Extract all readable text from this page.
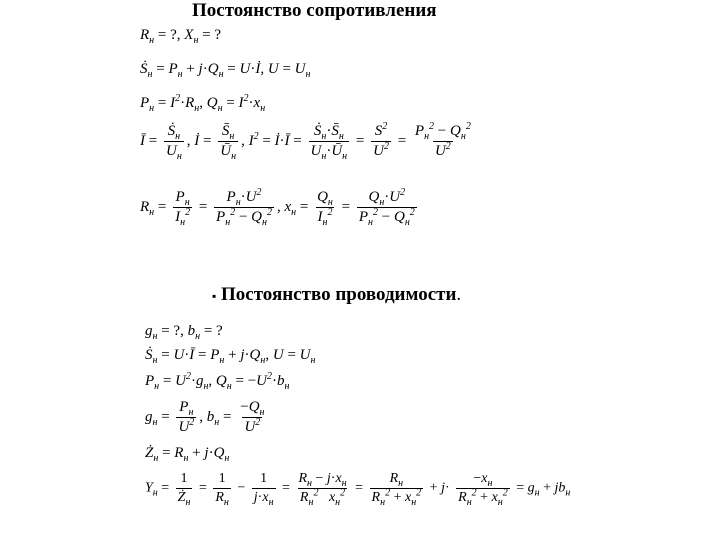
Постоянство сопротивления
$R_н$ = ?, $X_н$ = ?
Ṡ$_н$ = $P_н + j\cdot Q_н$ = U·İ, $U = U_н$
$P_н = I^2\cdot R_н$, $Q_н = I^2\cdot x_н$
Ī = $\frac{Ṡ_н}{U_н}$ , İ = $\frac{S̄_н}{Ū_н}$ , $I^2$ = İ·Ī = $\frac{Ṡ_н\cdot S̄_н}{U_н\cdot Ū_н} = \frac{S^2}{U^2} = \frac{P_н^2 - Q_н^2}{U^2}$
$R_н = \frac{P_н}{I_н^2} = \frac{P_н\cdot U^2}{P_н^2 - Q_н^2}$ , $x_н = \frac{Q_н}{I_н^2} = \frac{Q_н\cdot U^2}{P_н^2 - Q_н^2}$
▪ Постоянство проводимости.
$g_н$ = ?, $b_н$ = ?
Ṡ$_н$ = U·Ī = $P_н + j\cdot Q_н$, $U = U_н$
$P_н = U^2\cdot g_н$, $Q_н = -U^2\cdot b_н$
$g_н = \frac{P_н}{U^2}$ , $b_н = \frac{-Q_н}{U^2}$
$Ż_н = R_н + j\cdot Q_н$
$Y_н = \frac{1}{Ż_н} = \frac{1}{R_н} - \frac{1}{j\cdot x_н} = \frac{R_н - j\cdot x_н}{R_н^2 x_н^2} = \frac{R_н}{R_н^2 + x_н^2} + j\cdot \frac{-x_н}{R_н^2 + x_н^2} = g_н + jb_н$
